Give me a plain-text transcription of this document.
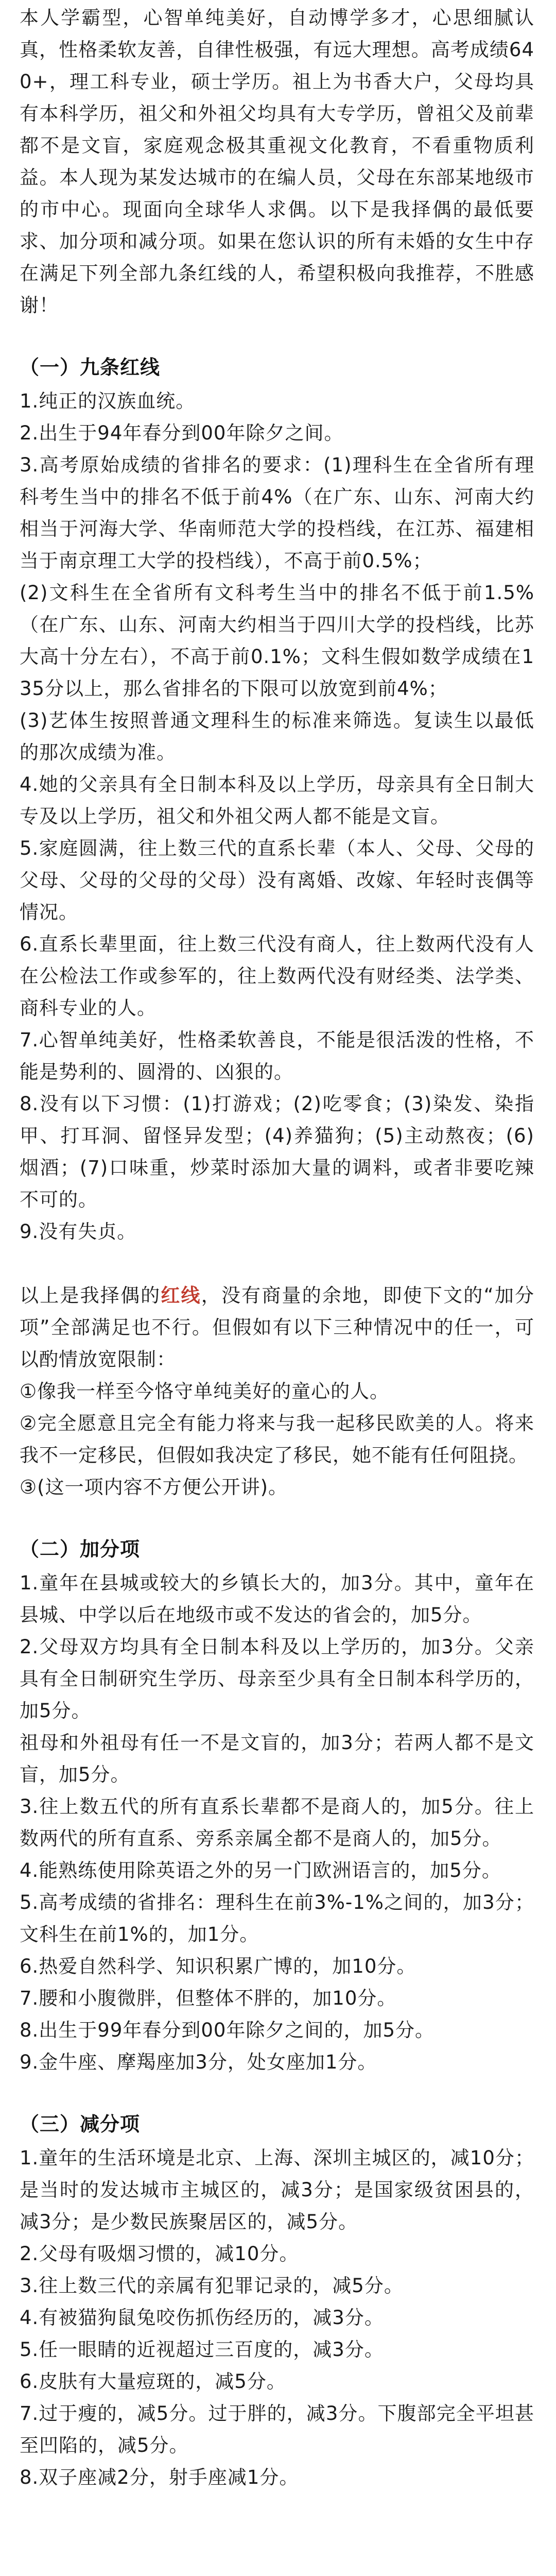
本人学霸型，心智单纯美好，自动博学多才，心思细腻认真，性格柔软友善，自律性极强，有远大理想。高考成绩640+，理工科专业，硕士学历。祖上为书香大户，父母均具有本科学历，祖父和外祖父均具有大专学历，曾祖父及前辈都不是文盲，家庭观念极其重视文化教育，不看重物质利益。本人现为某发达城市的在编人员，父母在东部某地级市的市中心。现面向全球华人求偶。以下是我择偶的最低要求、加分项和减分项。如果在您认识的所有未婚的女生中存在满足下列全部九条红线的人，希望积极向我推荐，不胜感谢！

（一）九条红线

1.纯正的汉族血统。

2.出生于94年春分到00年除夕之间。

3.高考原始成绩的省排名的要求：(1)理科生在全省所有理科考生当中的排名不低于前4%（在广东、山东、河南大约相当于河海大学、华南师范大学的投档线，在江苏、福建相当于南京理工大学的投档线），不高于前0.5%；

(2)文科生在全省所有文科考生当中的排名不低于前1.5%（在广东、山东、河南大约相当于四川大学的投档线，比苏大高十分左右），不高于前0.1%；文科生假如数学成绩在135分以上，那么省排名的下限可以放宽到前4%；

(3)艺体生按照普通文理科生的标准来筛选。复读生以最低的那次成绩为准。

4.她的父亲具有全日制本科及以上学历，母亲具有全日制大专及以上学历，祖父和外祖父两人都不能是文盲。

5.家庭圆满，往上数三代的直系长辈（本人、父母、父母的父母、父母的父母的父母）没有离婚、改嫁、年轻时丧偶等情况。

6.直系长辈里面，往上数三代没有商人，往上数两代没有人在公检法工作或参军的，往上数两代没有财经类、法学类、商科专业的人。

7.心智单纯美好，性格柔软善良，不能是很活泼的性格，不能是势利的、圆滑的、凶狠的。

8.没有以下习惯：(1)打游戏；(2)吃零食；(3)染发、染指甲、打耳洞、留怪异发型；(4)养猫狗；(5)主动熬夜；(6)烟酒；(7)口味重，炒菜时添加大量的调料，或者非要吃辣不可的。

9.没有失贞。

以上是我择偶的红线，没有商量的余地，即使下文的“加分项”全部满足也不行。但假如有以下三种情况中的任一，可以酌情放宽限制：

①像我一样至今恪守单纯美好的童心的人。

②完全愿意且完全有能力将来与我一起移民欧美的人。将来我不一定移民，但假如我决定了移民，她不能有任何阻挠。

③(这一项内容不方便公开讲)。

（二）加分项

1.童年在县城或较大的乡镇长大的，加3分。其中，童年在县城、中学以后在地级市或不发达的省会的，加5分。

2.父母双方均具有全日制本科及以上学历的，加3分。父亲具有全日制研究生学历、母亲至少具有全日制本科学历的，加5分。

祖母和外祖母有任一不是文盲的，加3分；若两人都不是文盲，加5分。

3.往上数五代的所有直系长辈都不是商人的，加5分。往上数两代的所有直系、旁系亲属全都不是商人的，加5分。

4.能熟练使用除英语之外的另一门欧洲语言的，加5分。

5.高考成绩的省排名：理科生在前3%-1%之间的，加3分；文科生在前1%的，加1分。

6.热爱自然科学、知识积累广博的，加10分。

7.腰和小腹微胖，但整体不胖的，加10分。

8.出生于99年春分到00年除夕之间的，加5分。

9.金牛座、摩羯座加3分，处女座加1分。

（三）减分项

1.童年的生活环境是北京、上海、深圳主城区的，减10分；是当时的发达城市主城区的，减3分；是国家级贫困县的，减3分；是少数民族聚居区的，减5分。

2.父母有吸烟习惯的，减10分。

3.往上数三代的亲属有犯罪记录的，减5分。

4.有被猫狗鼠兔咬伤抓伤经历的，减3分。

5.任一眼睛的近视超过三百度的，减3分。

6.皮肤有大量痘斑的，减5分。

7.过于瘦的，减5分。过于胖的，减3分。下腹部完全平坦甚至凹陷的，减5分。

8.双子座减2分，射手座减1分。
